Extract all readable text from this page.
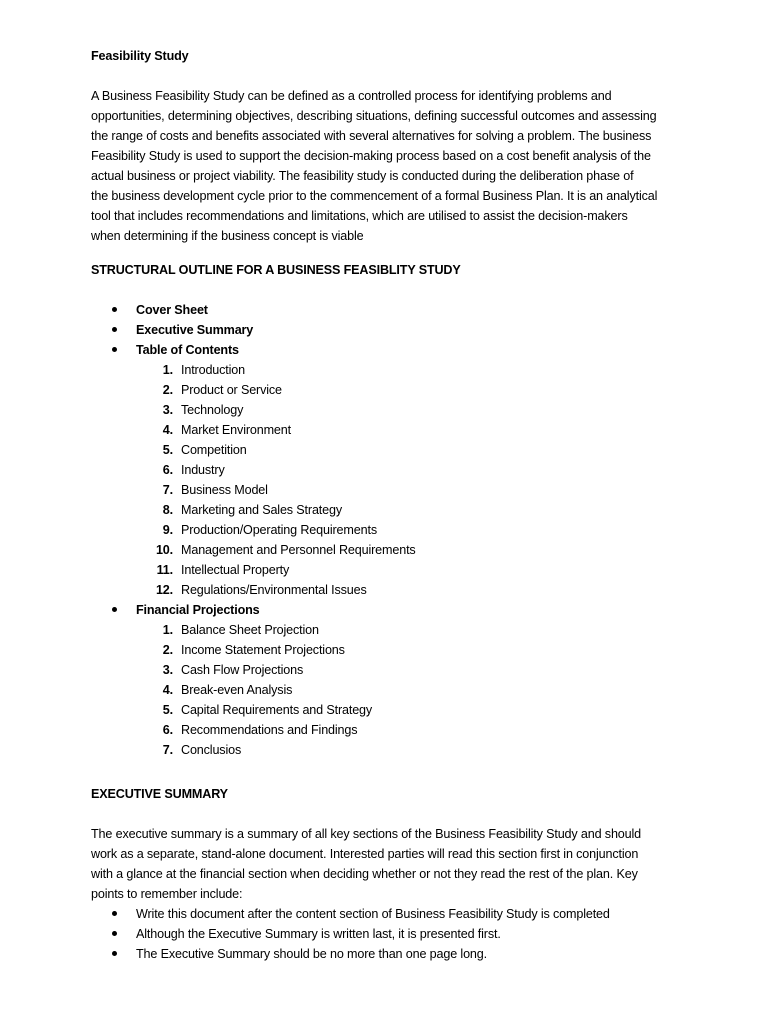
Feasibility Study

A Business Feasibility Study can be defined as a controlled process for identifying problems and

opportunities, determining objectives, describing situations, defining successful outcomes and assessing

the range of costs and benefits associated with several alternatives for solving a problem. The business

Feasibility Study is used to support the decision-making process based on a cost benefit analysis of the

actual business or project viability. The feasibility study is conducted during the deliberation phase of

the business development cycle prior to the commencement of a formal Business Plan. It is an analytical

tool that includes recommendations and limitations, which are utilised to assist the decision-makers

when determining if the business concept is viable

STRUCTURAL OUTLINE FOR A BUSINESS FEASIBLITY STUDY

Cover Sheet
Executive Summary
Table of Contents
1. Introduction
2. Product or Service
3. Technology
4. Market Environment
5. Competition
6. Industry
7. Business Model
8. Marketing and Sales Strategy
9. Production/Operating Requirements
10. Management and Personnel Requirements
11. Intellectual Property
12. Regulations/Environmental Issues
Financial Projections
1. Balance Sheet Projection
2. Income Statement Projections
3. Cash Flow Projections
4. Break-even Analysis
5. Capital Requirements and Strategy
6. Recommendations and Findings
7. Conclusios

EXECUTIVE SUMMARY

The executive summary is a summary of all key sections of the Business Feasibility Study and should

work as a separate, stand-alone document. Interested parties will read this section first in conjunction

with a glance at the financial section when deciding whether or not they read the rest of the plan. Key

points to remember include:

Write this document after the content section of Business Feasibility Study is completed
Although the Executive Summary is written last, it is presented first.
The Executive Summary should be no more than one page long.
